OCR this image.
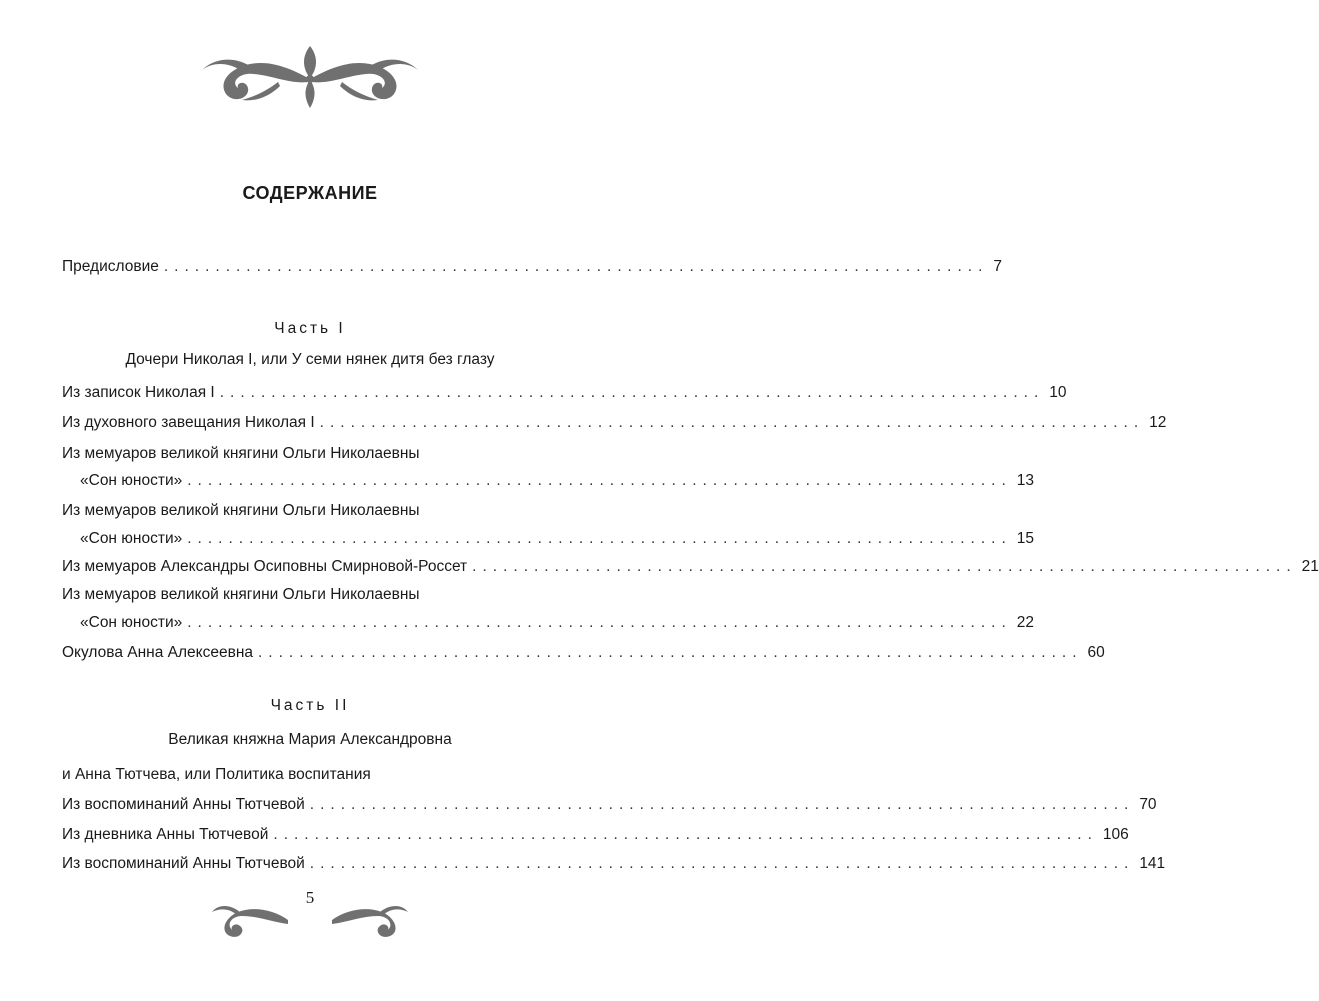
СОДЕРЖАНИЕ
Предисловие ................................................................................ 7
Часть I
Дочери Николая I, или У семи нянек дитя без глазу
Из записок Николая I ................................................................................ 10
Из духовного завещания Николая I ................................................................................ 12
Из мемуаров великой княгини Ольги Николаевны
«Сон юности» ................................................................................ 13
Из мемуаров великой княгини Ольги Николаевны
«Сон юности» ................................................................................ 15
Из мемуаров Александры Осиповны Смирновой-Россет ................................................................................ 21
Из мемуаров великой княгини Ольги Николаевны
«Сон юности» ................................................................................ 22
Окулова Анна Алексеевна ................................................................................ 60
Часть II
Великая княжна Мария Александровна
и Анна Тютчева, или Политика воспитания
Из воспоминаний Анны Тютчевой ................................................................................ 70
Из дневника Анны Тютчевой ................................................................................ 106
Из воспоминаний Анны Тютчевой ................................................................................ 141
5
